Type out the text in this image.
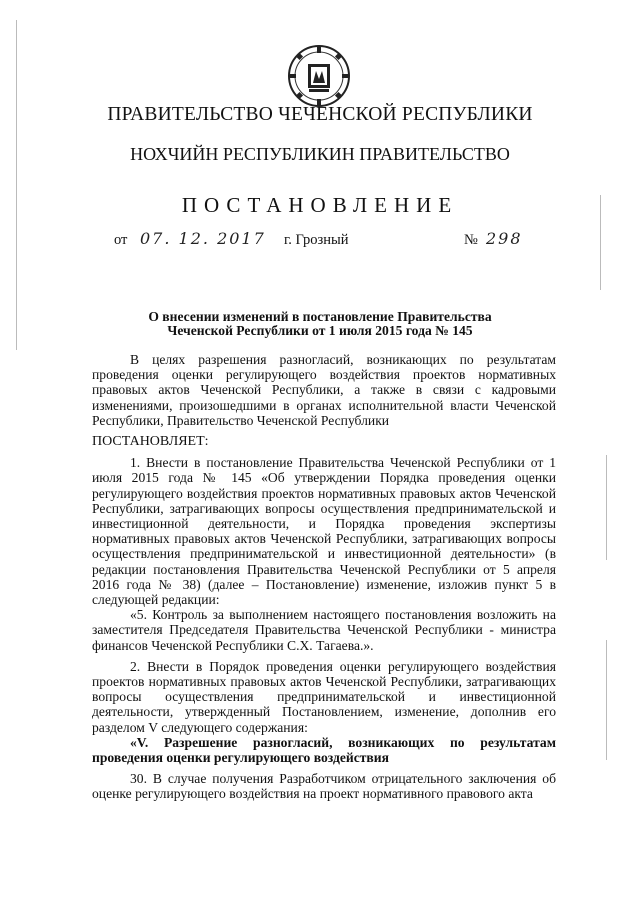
ПРАВИТЕЛЬСТВО ЧЕЧЕНСКОЙ РЕСПУБЛИКИ
НОХЧИЙН РЕСПУБЛИКИН ПРАВИТЕЛЬСТВО
ПОСТАНОВЛЕНИЕ
от 07. 12. 2017 г. Грозный	№ 298
О внесении изменений в постановление Правительства
Чеченской Республики от 1 июля 2015 года № 145

В целях разрешения разногласий, возникающих по результатам проведения оценки регулирующего воздействия проектов нормативных правовых актов Чеченской Республики, а также в связи с кадровыми изменениями, произошедшими в органах исполнительной власти Чеченской Республики, Правительство Чеченской Республики

ПОСТАНОВЛЯЕТ:

1. Внести в постановление Правительства Чеченской Республики от 1 июля 2015 года № 145 «Об утверждении Порядка проведения оценки регулирующего воздействия проектов нормативных правовых актов Чеченской Республики, затрагивающих вопросы осуществления предпринимательской и инвестиционной деятельности, и Порядка проведения экспертизы нормативных правовых актов Чеченской Республики, затрагивающих вопросы осуществления предпринимательской и инвестиционной деятельности» (в редакции постановления Правительства Чеченской Республики от 5 апреля 2016 года № 38) (далее – Постановление) изменение, изложив пункт 5 в следующей редакции:

«5. Контроль за выполнением настоящего постановления возложить на заместителя Председателя Правительства Чеченской Республики - министра финансов Чеченской Республики С.Х. Тагаева.».

2. Внести в Порядок проведения оценки регулирующего воздействия проектов нормативных правовых актов Чеченской Республики, затрагивающих вопросы осуществления предпринимательской и инвестиционной деятельности, утвержденный Постановлением, изменение, дополнив его разделом V следующего содержания:

«V. Разрешение разногласий, возникающих по результатам проведения оценки регулирующего воздействия

30. В случае получения Разработчиком отрицательного заключения об оценке регулирующего воздействия на проект нормативного правового акта
